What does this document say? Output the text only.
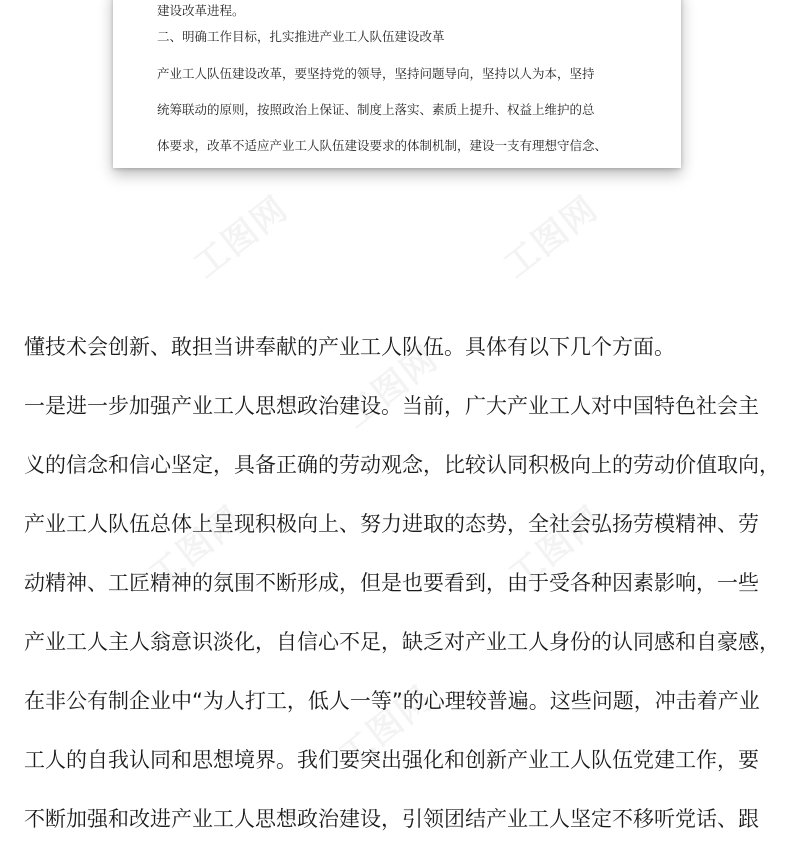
建设改革进程。

二、明确工作目标，扎实推进产业工人队伍建设改革

产业工人队伍建设改革，要坚持党的领导，坚持问题导向，坚持以人为本，坚持

统筹联动的原则，按照政治上保证、制度上落实、素质上提升、权益上维护的总

体要求，改革不适应产业工人队伍建设要求的体制机制，建设一支有理想守信念、

工图网	工图网
工图网
工图网	工图网
工图网

懂技术会创新、敢担当讲奉献的产业工人队伍。具体有以下几个方面。

一是进一步加强产业工人思想政治建设。当前，广大产业工人对中国特色社会主

义的信念和信心坚定，具备正确的劳动观念，比较认同积极向上的劳动价值取向，

产业工人队伍总体上呈现积极向上、努力进取的态势，全社会弘扬劳模精神、劳

动精神、工匠精神的氛围不断形成，但是也要看到，由于受各种因素影响，一些

产业工人主人翁意识淡化，自信心不足，缺乏对产业工人身份的认同感和自豪感，

在非公有制企业中“为人打工，低人一等”的心理较普遍。这些问题，冲击着产业

工人的自我认同和思想境界。我们要突出强化和创新产业工人队伍党建工作，要

不断加强和改进产业工人思想政治建设，引领团结产业工人坚定不移听党话、跟
